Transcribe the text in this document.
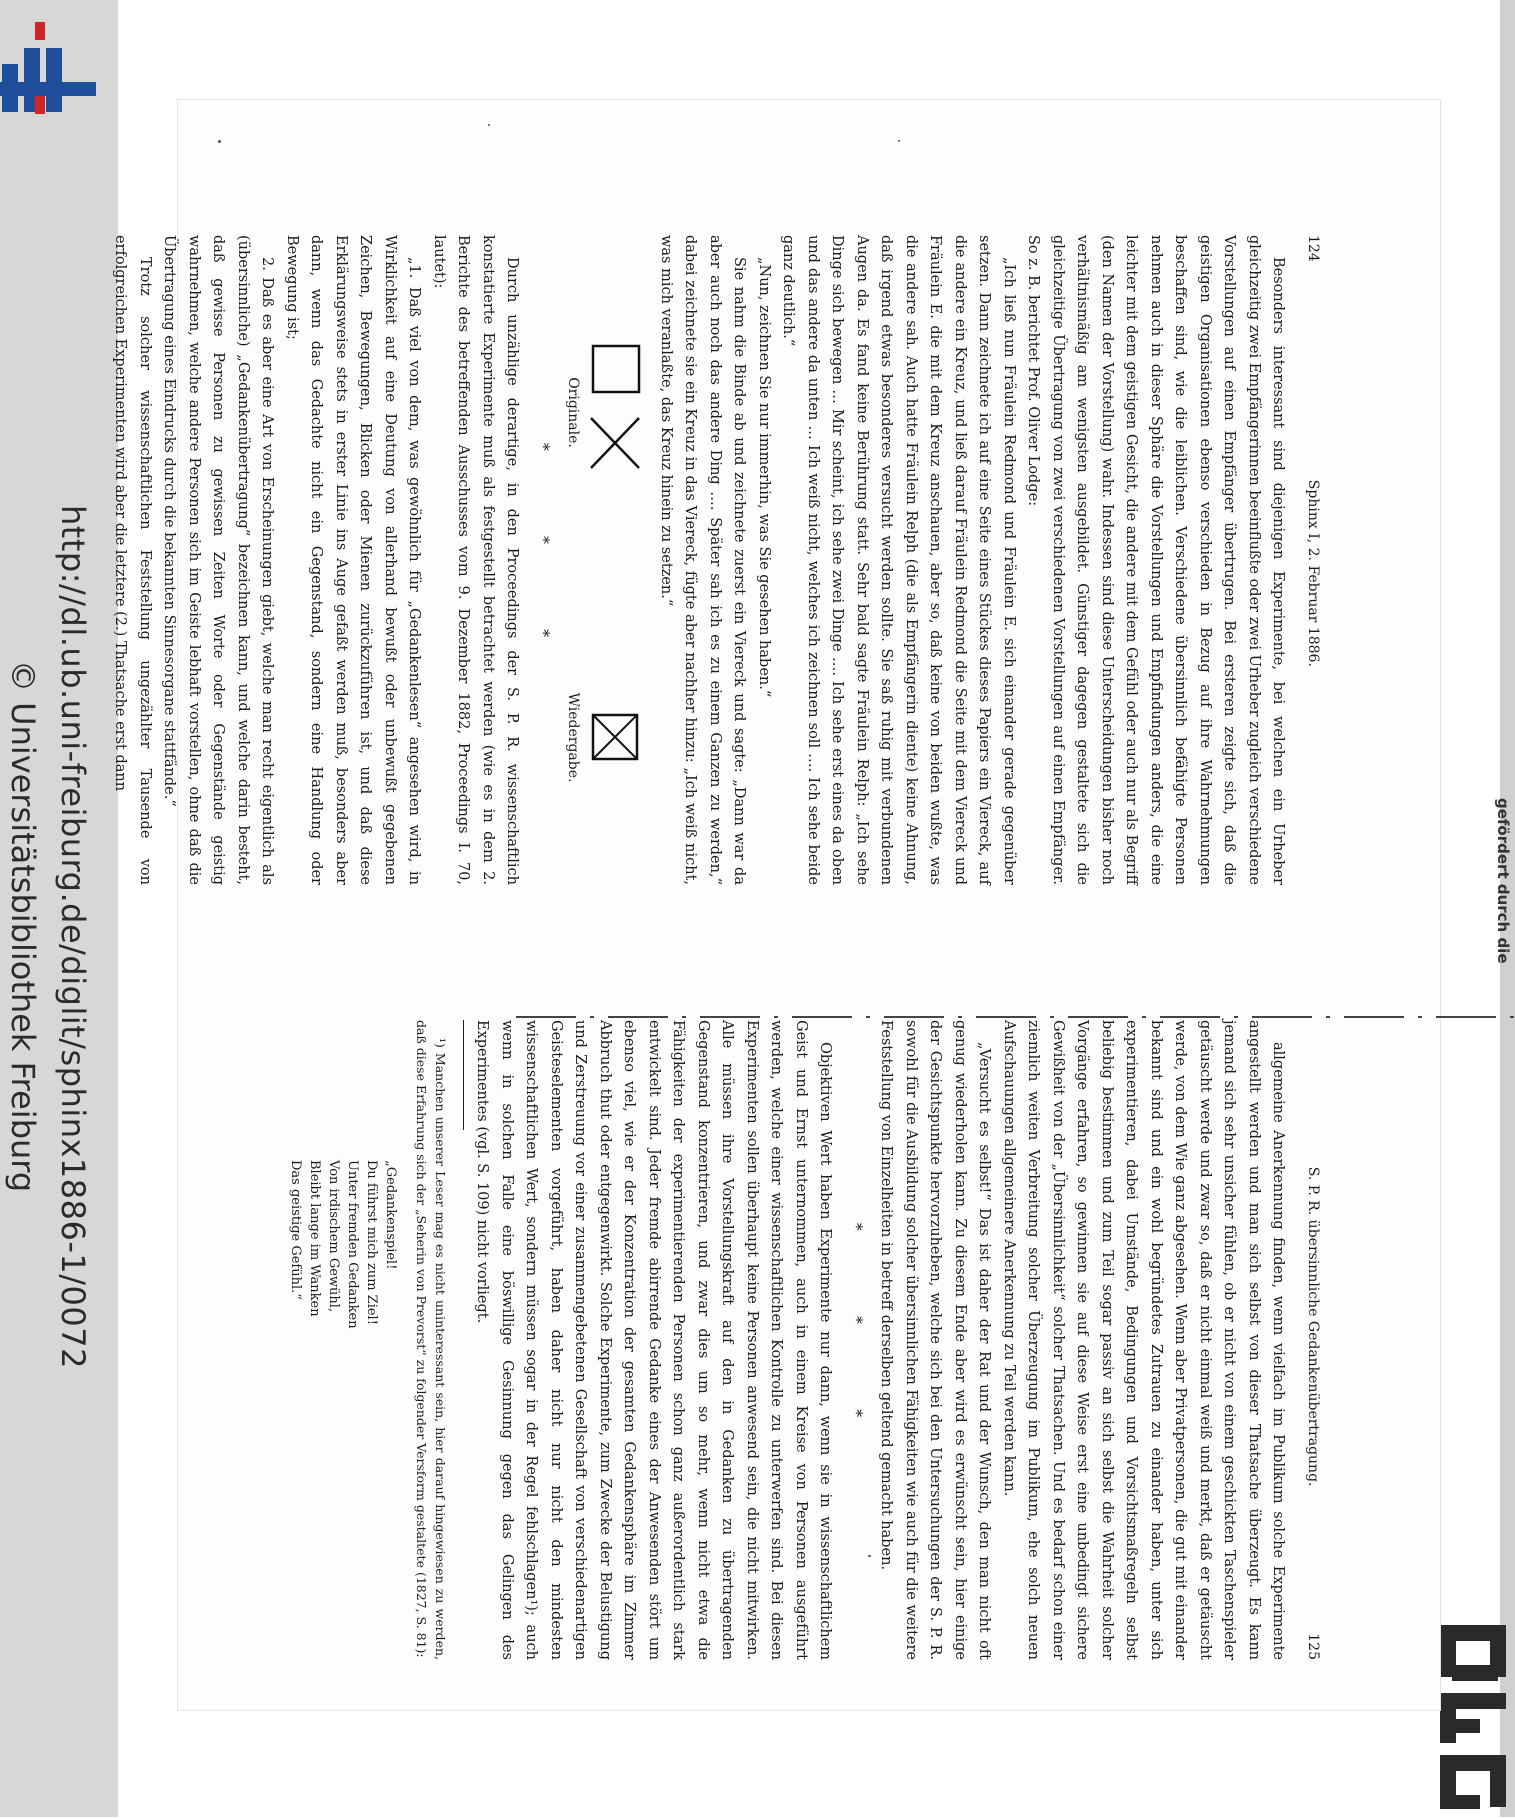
http://dl.ub.uni-freiburg.de/diglit/sphinx1886-1/0072
© Universitätsbibliothek Freiburg	gefördert durch die
124
Sphinx I, 2. Februar 1886.

Besonders interessant sind diejenigen Experimente, bei welchen ein Urheber gleichzeitig zwei Empfängerinnen beeinflußte oder zwei Urheber zugleich verschiedene Vorstellungen auf einen Empfänger übertrugen. Bei ersteren zeigte sich, daß die geistigen Organisationen ebenso verschieden in Bezug auf ihre Wahrnehmungen beschaffen sind, wie die leiblichen. Verschiedene übersinnlich befähigte Personen nehmen auch in dieser Sphäre die Vorstellungen und Empfindungen anders, die eine leichter mit dem geistigen Gesicht, die andere mit dem Gefühl oder auch nur als Begriff (den Namen der Vorstellung) wahr. Indessen sind diese Unterscheidungen bisher noch verhältnismäßig am wenigsten ausgebildet. Günstiger dagegen gestaltete sich die gleichzeitige Übertragung von zwei verschiedenen Vorstellungen auf einen Empfänger. So z. B. berichtet Prof. Oliver Lodge:

„Ich ließ nun Fräulein Redmond und Fräulein E. sich einander gerade gegenüber setzen. Dann zeichnete ich auf eine Seite eines Stückes dieses Papiers ein Viereck, auf die andere ein Kreuz, und ließ darauf Fräulein Redmond die Seite mit dem Viereck und Fräulein E. die mit dem Kreuz anschauen, aber so, daß keine von beiden wußte, was die andere sah. Auch hatte Fräulein Relph (die als Empfängerin diente) keine Ahnung, daß irgend etwas besonderes versucht werden sollte. Sie saß ruhig mit verbundenen Augen da. Es fand keine Berührung statt. Sehr bald sagte Fräulein Relph: „Ich sehe Dinge sich bewegen … Mir scheint, ich sehe zwei Dinge …. Ich sehe erst eines da oben und das andere da unten … Ich weiß nicht, welches ich zeichnen soll …. Ich sehe beide ganz deutlich.“

„Nun, zeichnen Sie nur immerhin, was Sie gesehen haben.“

Sie nahm die Binde ab und zeichnete zuerst ein Viereck und sagte: „Dann war da aber auch noch das andere Ding …. Später sah ich es zu einem Ganzen zu werden,“ dabei zeichnete sie ein Kreuz in das Viereck, fügte aber nachher hinzu: „Ich weiß nicht, was mich veranlaßte, das Kreuz hinein zu setzen.“

Originale.
Wiedergabe.
* * *

Durch unzählige derartige, in den Proceedings der S. P. R. wissenschaftlich konstatierte Experimente muß als festgestellt betrachtet werden (wie es in dem 2. Berichte des betreffenden Ausschusses vom 9. Dezember 1882, Proceedings I. 70, lautet):

„1. Daß viel von dem, was gewöhnlich für „Gedankenlesen“ angesehen wird, in Wirklichkeit auf eine Deutung von allerhand bewußt oder unbewußt gegebenen Zeichen, Bewegungen, Blicken oder Mienen zurückzuführen ist, und daß diese Erklärungsweise stets in erster Linie ins Auge gefaßt werden muß, besonders aber dann, wenn das Gedachte nicht ein Gegenstand, sondern eine Handlung oder Bewegung ist;

2. Daß es aber eine Art von Erscheinungen giebt, welche man recht eigentlich als (übersinnliche) „Gedankenübertragung“ bezeichnen kann, und welche darin besteht, daß gewisse Personen zu gewissen Zeiten Worte oder Gegenstände geistig wahrnehmen, welche andere Personen sich im Geiste lebhaft vorstellen, ohne daß die Übertragung eines Eindrucks durch die bekannten Sinnesorgane stattfände.“

Trotz solcher wissenschaftlichen Feststellung ungezählter Tausende von erfolgreichen Experimenten wird aber die letztere (2.) Thatsache erst dann

S. P. R. übersinnliche Gedankenübertragung.
125

allgemeine Anerkennung finden, wenn vielfach im Publikum solche Experimente angestellt werden und man sich selbst von dieser Thatsache überzeugt. Es kann jemand sich sehr unsicher fühlen, ob er nicht von einem geschickten Taschenspieler getäuscht werde und zwar so, daß er nicht einmal weiß und merkt, daß er getäuscht werde, von dem Wie ganz abgesehen. Wenn aber Privatpersonen, die gut mit einander bekannt sind und ein wohl begründetes Zutrauen zu einander haben, unter sich experimentieren, dabei Umstände, Bedingungen und Vorsichtsmaßregeln selbst beliebig bestimmen und zum Teil sogar passiv an sich selbst die Wahrheit solcher Vorgänge erfahren, so gewinnen sie auf diese Weise erst eine unbedingt sichere Gewißheit von der „Übersinnlichkeit“ solcher Thatsachen. Und es bedarf schon einer ziemlich weiten Verbreitung solcher Überzeugung im Publikum, ehe solch neuen Aufschauungen allgemeinere Anerkennung zu Teil werden kann.

„Versucht es selbst!“ Das ist daher der Rat und der Wunsch, den man nicht oft genug wiederholen kann. Zu diesem Ende aber wird es erwünscht sein, hier einige der Gesichtspunkte hervorzuheben, welche sich bei den Untersuchungen der S. P. R. sowohl für die Ausbildung solcher übersinnlichen Fähigkeiten wie auch für die weitere Feststellung von Einzelheiten in betreff derselben geltend gemacht haben.

* * *

Objektiven Wert haben Experimente nur dann, wenn sie in wissenschaftlichem Geist und Ernst unternommen, auch in einem Kreise von Personen ausgeführt werden, welche einer wissenschaftlichen Kontrolle zu unterwerfen sind. Bei diesen Experimenten sollen überhaupt keine Personen anwesend sein, die nicht mitwirken. Alle müssen ihre Vorstellungskraft auf den in Gedanken zu übertragenden Gegenstand konzentrieren, und zwar dies um so mehr, wenn nicht etwa die Fähigkeiten der experimentierenden Personen schon ganz außerordentlich stark entwickelt sind. Jeder fremde abirrende Gedanke eines der Anwesenden stört um ebenso viel, wie er der Konzentration der gesamten Gedankensphäre im Zimmer Abbruch thut oder entgegenwirkt. Solche Experimente, zum Zwecke der Belustigung und Zerstreuung vor einer zusammengebetenen Gesellschaft von verschiedenartigen Geisteselementen vorgeführt, haben daher nicht nur nicht den mindesten wissenschaftlichen Wert, sondern müssen sogar in der Regel fehlschlagen¹); auch wenn in solchen Falle eine böswillige Gesinnung gegen das Gelingen des Experimentes (vgl. S. 109) nicht vorliegt.

¹) Manchen unserer Leser mag es nicht uninteressant sein, hier darauf hingewiesen zu werden, daß diese Erfahrung sich der „Seherin von Prevorst“ zu folgender Versform gestaltete (1827, S. 81):

„Gedankenspiel!
Du führst mich zum Ziel!
Unter fremden Gedanken
Von irdischem Gewühl,
Bleibt lange im Wanken
Das geistige Gefühl.“
